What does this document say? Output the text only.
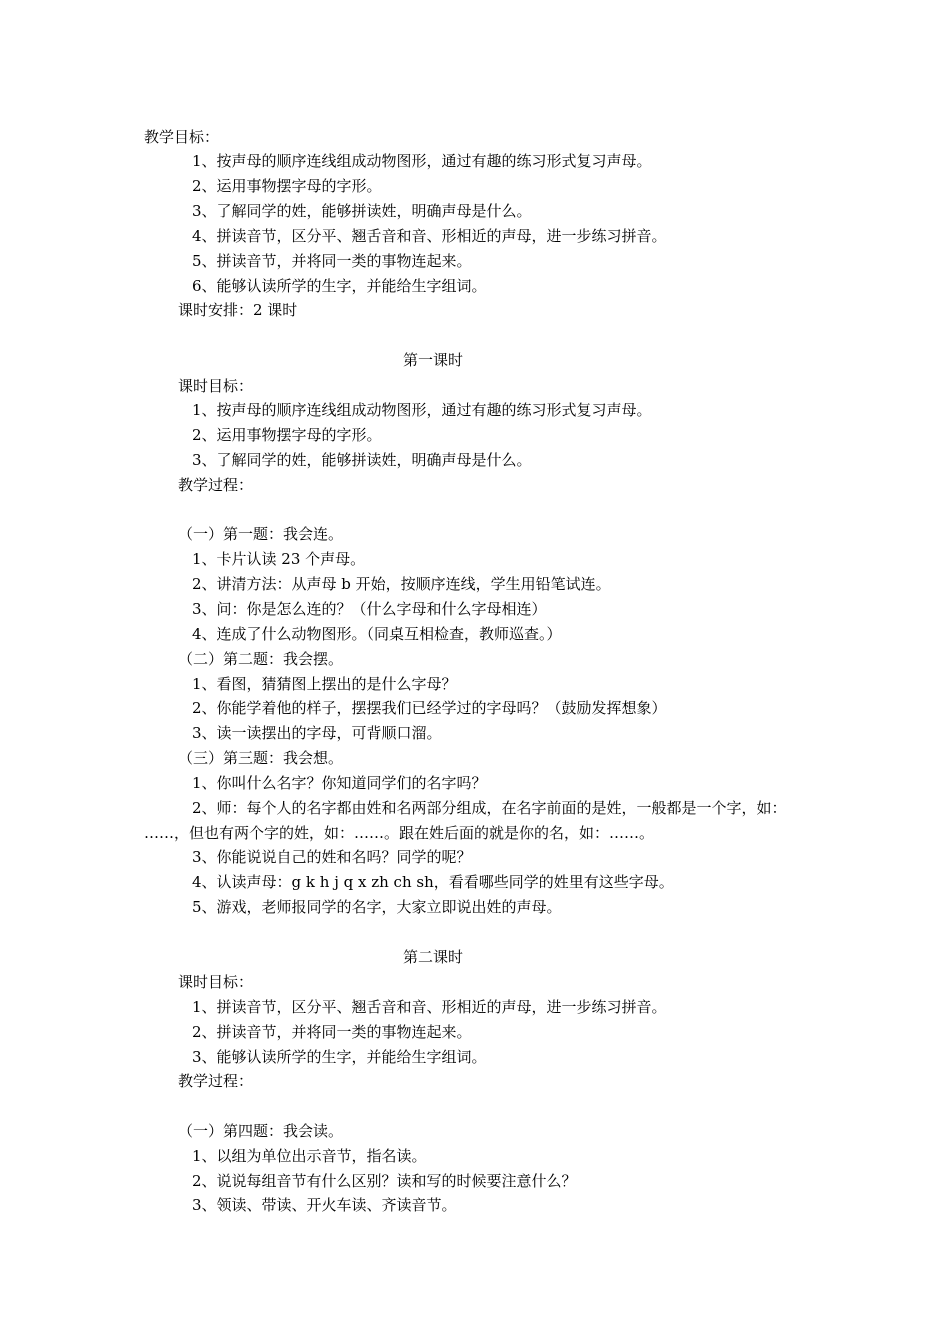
教学目标：

1、按声母的顺序连线组成动物图形，通过有趣的练习形式复习声母。

2、运用事物摆字母的字形。

3、了解同学的姓，能够拼读姓，明确声母是什么。

4、拼读音节，区分平、翘舌音和音、形相近的声母，进一步练习拼音。

5、拼读音节，并将同一类的事物连起来。

6、能够认读所学的生字，并能给生字组词。

课时安排：2 课时

第一课时

课时目标：

1、按声母的顺序连线组成动物图形，通过有趣的练习形式复习声母。

2、运用事物摆字母的字形。

3、了解同学的姓，能够拼读姓，明确声母是什么。

教学过程：

（一）第一题：我会连。

1、卡片认读 23 个声母。

2、讲清方法：从声母 b 开始，按顺序连线，学生用铅笔试连。

3、问：你是怎么连的？（什么字母和什么字母相连）

4、连成了什么动物图形。（同桌互相检查，教师巡查。）

（二）第二题：我会摆。

1、看图，猜猜图上摆出的是什么字母？

2、你能学着他的样子，摆摆我们已经学过的字母吗？（鼓励发挥想象）

3、读一读摆出的字母，可背顺口溜。

（三）第三题：我会想。

1、你叫什么名字？你知道同学们的名字吗？

2、师：每个人的名字都由姓和名两部分组成，在名字前面的是姓，一般都是一个字，如：

……，但也有两个字的姓，如：……。跟在姓后面的就是你的名，如：……。

3、你能说说自己的姓和名吗？同学的呢？

4、认读声母：g k h j q x zh ch sh，看看哪些同学的姓里有这些字母。

5、游戏，老师报同学的名字，大家立即说出姓的声母。

第二课时

课时目标：

1、拼读音节，区分平、翘舌音和音、形相近的声母，进一步练习拼音。

2、拼读音节，并将同一类的事物连起来。

3、能够认读所学的生字，并能给生字组词。

教学过程：

（一）第四题：我会读。

1、以组为单位出示音节，指名读。

2、说说每组音节有什么区别？读和写的时候要注意什么？

3、领读、带读、开火车读、齐读音节。
